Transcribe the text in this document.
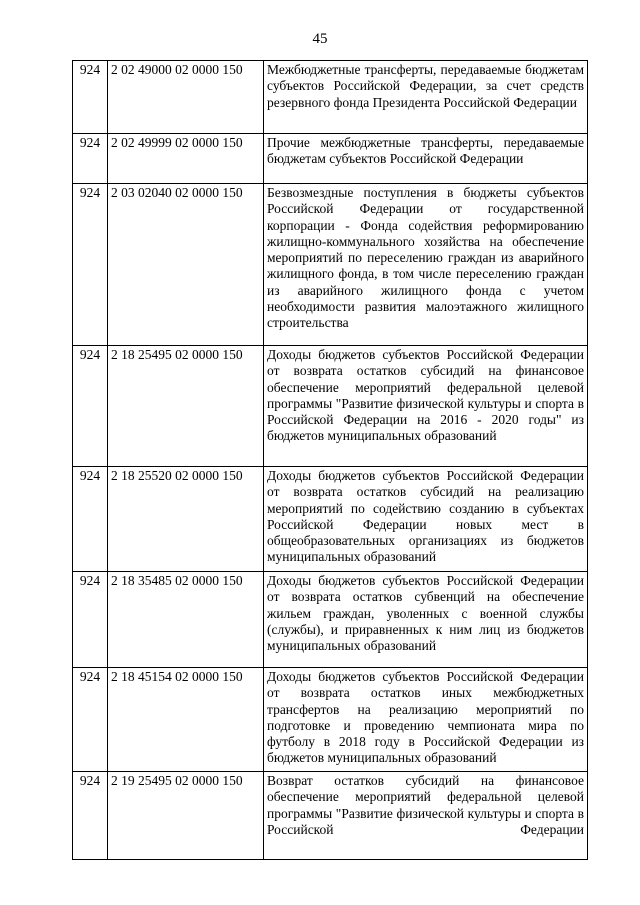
45
924	2 02 49000 02 0000 150	Межбюджетные трансферты, передаваемые бюджетам субъектов Российской Федерации, за счет средств резервного фонда Президента Российской Федерации
924	2 02 49999 02 0000 150	Прочие межбюджетные трансферты, передаваемые бюджетам субъектов Российской Федерации
924	2 03 02040 02 0000 150	Безвозмездные поступления в бюджеты субъектов Российской Федерации от государственной корпорации - Фонда содействия реформированию жилищно-коммунального хозяйства на обеспечение мероприятий по переселению граждан из аварийного жилищного фонда, в том числе переселению граждан из аварийного жилищного фонда с учетом необходимости развития малоэтажного жилищного строительства
924	2 18 25495 02 0000 150	Доходы бюджетов субъектов Российской Федерации от возврата остатков субсидий на финансовое обеспечение мероприятий федеральной целевой программы "Развитие физической культуры и спорта в Российской Федерации на 2016 - 2020 годы" из бюджетов муниципальных образований
924	2 18 25520 02 0000 150	Доходы бюджетов субъектов Российской Федерации от возврата остатков субсидий на реализацию мероприятий по содействию созданию в субъектах Российской Федерации новых мест в общеобразовательных организациях из бюджетов муниципальных образований
924	2 18 35485 02 0000 150	Доходы бюджетов субъектов Российской Федерации от возврата остатков субвенций на обеспечение жильем граждан, уволенных с военной службы (службы), и приравненных к ним лиц из бюджетов муниципальных образований
924	2 18 45154 02 0000 150	Доходы бюджетов субъектов Российской Федерации от возврата остатков иных межбюджетных трансфертов на реализацию мероприятий по подготовке и проведению чемпионата мира по футболу в 2018 году в Российской Федерации из бюджетов муниципальных образований
924	2 19 25495 02 0000 150	Возврат остатков субсидий на финансовое обеспечение мероприятий федеральной целевой программы "Развитие физической культуры и спорта в Российской Федерации
